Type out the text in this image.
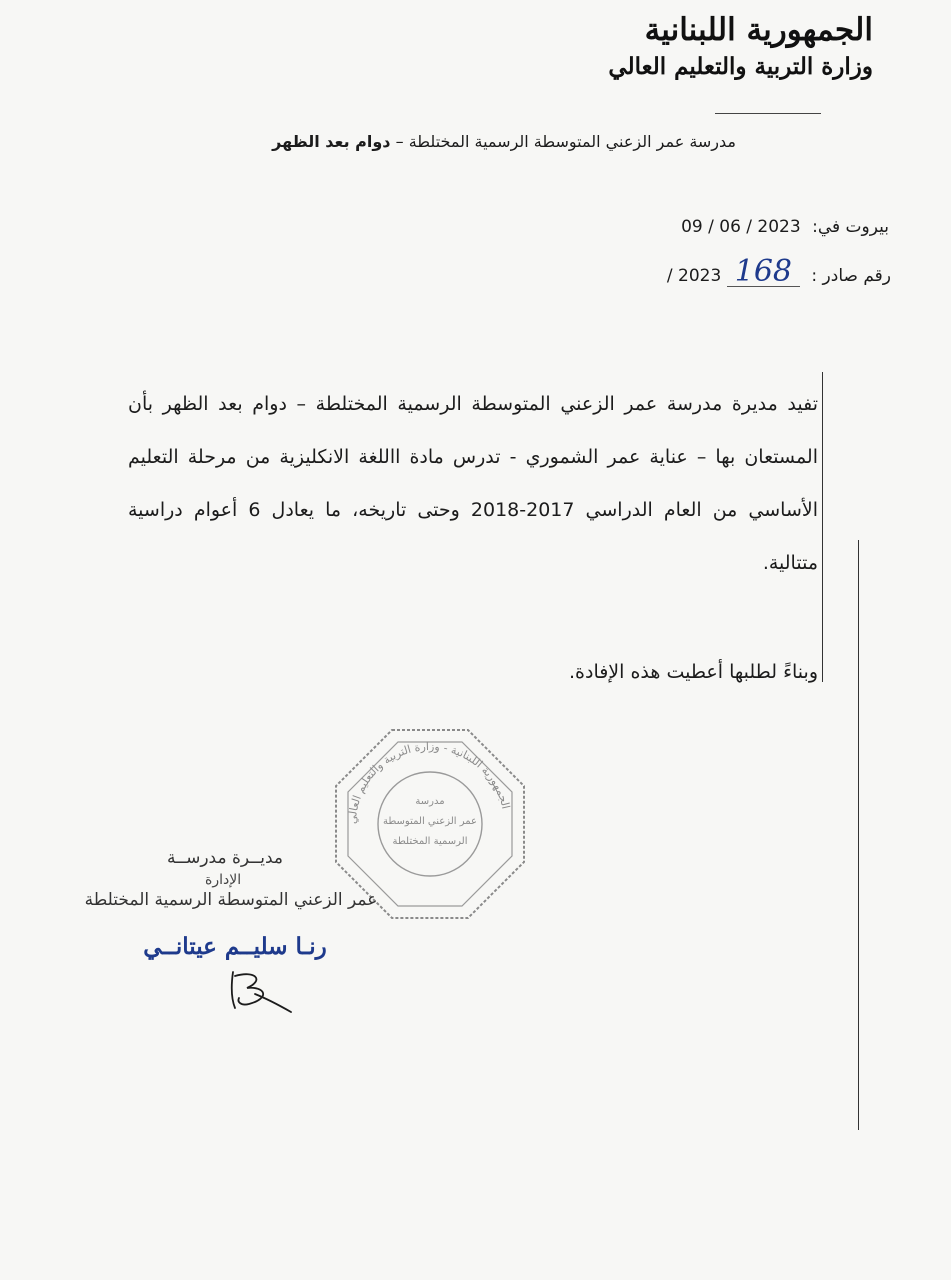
الجمهورية اللبنانية
وزارة التربية والتعليم العالي
مدرسة عمر الزعني المتوسطة الرسمية المختلطة – دوام بعد الظهر
بيروت في: 09 / 06 / 2023
رقم صادر : / 2023 168
تفيد مديرة مدرسة عمر الزعني المتوسطة الرسمية المختلطة – دوام بعد الظهر بأن المستعان بها – عناية عمر الشموري - تدرس مادة االلغة الانكليزية من مرحلة التعليم الأساسي من العام الدراسي 2017-2018 وحتى تاريخه، ما يعادل 6 أعوام دراسية متتالية.
وبناءً لطلبها أعطيت هذه الإفادة.
الجمهورية اللبنانية - وزارة التربية والتعليم العالي
مدرسة
عمر الزعني المتوسطة
الرسمية المختلطة
مديــرة مدرســة
عمر الزعني المتوسطة الرسمية المختلطة
الإدارة
رنـا سليــم عيتانــي
